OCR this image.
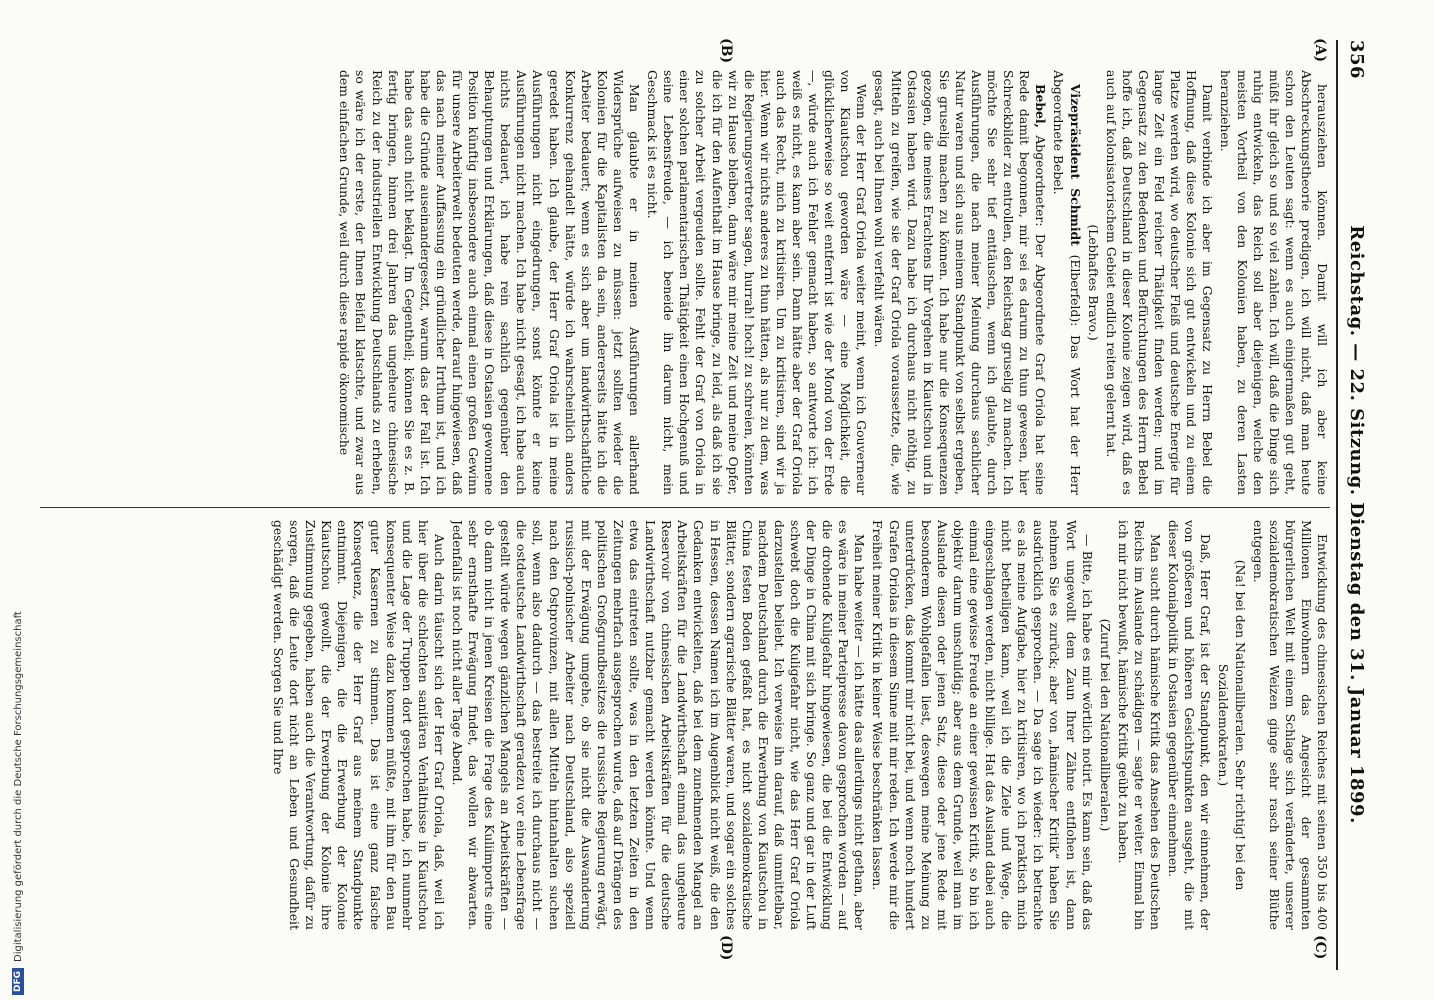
356
Reichstag. — 22. Sitzung. Dienstag den 31. Januar 1899.
(A)
(B)
(C)
(D)

herausziehen können. Damit will ich aber keine Abschreckungstheorie predigen, ich will nicht, daß man heute schon den Leuten sagt: wenn es auch einigermaßen gut geht, müßt ihr gleich so und so viel zahlen. Ich will, daß die Dinge sich ruhig entwickeln, das Reich soll aber diejenigen, welche den meisten Vortheil von den Kolonien haben, zu deren Lasten heranziehen.

Damit verbinde ich aber im Gegensatz zu Herrn Bebel die Hoffnung, daß diese Kolonie sich gut entwickeln und zu einem Platze werden wird, wo deutscher Fleiß und deutsche Energie für lange Zeit ein Feld reicher Thätigkeit finden werden; und im Gegensatz zu den Bedenken und Befürchtungen des Herrn Bebel hoffe ich, daß Deutschland in dieser Kolonie zeigen wird, daß es auch auf kolonisatorischem Gebiet endlich reiten gelernt hat.

(Lebhaftes Bravo.)

Vizepräsident Schmidt (Elberfeld): Das Wort hat der Herr Abgeordnete Bebel.

Bebel, Abgeordneter: Der Abgeordnete Graf Oriola hat seine Rede damit begonnen, mir sei es darum zu thun gewesen, hier Schreckbilder zu entrollen, den Reichstag gruselig zu machen. Ich möchte Sie sehr tief enttäuschen, wenn ich glaubte, durch Ausführungen, die nach meiner Meinung durchaus sachlicher Natur waren und sich aus meinem Standpunkt von selbst ergeben, Sie gruselig machen zu können. Ich habe nur die Konsequenzen gezogen, die meines Erachtens Ihr Vorgehen in Kiautschou und in Ostasien haben wird. Dazu habe ich durchaus nicht nöthig, zu Mitteln zu greifen, wie sie der Graf Oriola voraussetzte, die, wie gesagt, auch bei Ihnen wohl verfehlt wären.

Wenn der Herr Graf Oriola weiter meint, wenn ich Gouverneur von Kiautschou geworden wäre — eine Möglichkeit, die glücklicherweise so weit entfernt ist wie der Mond von der Erde —, würde auch ich Fehler gemacht haben, so antworte ich: ich weiß es nicht, es kann aber sein. Dann hätte aber der Graf Oriola auch das Recht, mich zu kritisiren. Um zu kritisiren, sind wir ja hier. Wenn wir nichts anderes zu thun hätten, als nur zu dem, was die Regierungsvertreter sagen, hurrah! hoch! zu schreien, könnten wir zu Hause bleiben, dann wäre mir meine Zeit und meine Opfer, die ich für den Aufenthalt im Hause bringe, zu leid, als daß ich sie zu solcher Arbeit vergeuden sollte. Fehlt der Graf von Oriola in einer solchen parlamentarischen Thätigkeit einen Hochgenuß und seine Lebensfreude, — ich beneide ihn darum nicht, mein Geschmack ist es nicht.

Man glaubte er in meinen Ausführungen allerhand Widersprüche aufweisen zu müssen: jetzt sollten wieder die Kolonien für die Kapitalisten da sein, andererseits hätte ich die Arbeiter bedauert; wenn es sich aber um landwirthschaftliche Konkurrenz gehandelt hätte, würde ich wahrscheinlich anders geredet haben. Ich glaube, der Herr Graf Oriola ist in meine Ausführungen nicht eingedrungen, sonst könnte er keine Ausführungen nicht machen. Ich habe nicht gesagt, ich habe auch nichts bedauert, ich habe rein sachlich gegenüber den Behauptungen und Erklärungen, daß diese in Ostasien gewonnene Position künftig insbesondere auch einmal einen großen Gewinn für unsere Arbeiterwelt bedeuten werde, darauf hingewiesen, daß das nach meiner Auffassung ein gründlicher Irrthum ist, und ich habe die Gründe auseinandergesetzt, warum das der Fall ist. Ich habe das auch nicht beklagt. Im Gegentheil; können Sie es z. B. fertig bringen, binnen drei Jahren das ungeheure chinesische Reich zu der industriellen Entwicklung Deutschlands zu erheben, so wäre ich der erste, der Ihnen Beifall klatschte, und zwar aus dem einfachen Grunde, weil durch diese rapide ökonomische

Entwicklung des chinesischen Reiches mit seinen 350 bis 400 Millionen Einwohnern das Angesicht der gesammten bürgerlichen Welt mit einem Schlage sich veränderte, unserer sozialdemokratischen Weizen ginge sehr rasch seiner Blüthe entgegen.

(Na! bei den Nationalliberalen. Sehr richtig! bei den Sozialdemokraten.)

Daß, Herr Graf, ist der Standpunkt, den wir einnehmen, der von größeren und höheren Gesichtspunkten ausgeht, die mit dieser Kolonialpolitik in Ostasien gegenüber einnehmen.

Man sucht durch hämische Kritik das Ansehen des Deutschen Reichs im Auslande zu schädigen — sagte er weiter. Einmal bin ich mir nicht bewußt, hämische Kritik geübt zu haben.

(Zuruf bei den Nationalliberalen.)

— Bitte, ich habe es mir wörtlich notirt. Es kann sein, daß das Wort ungewollt dem Zaun Ihrer Zähne entflohen ist, dann nehmen Sie es zurück; aber von „hämischer Kritik“ haben Sie ausdrücklich gesprochen. — Da sage ich wieder: ich betrachte es als meine Aufgabe, hier zu kritisiren, wo ich praktisch mich nicht betheiligen kann, weil ich die Ziele und Wege, die eingeschlagen werden, nicht billige. Hat das Ausland dabei auch einmal eine gewisse Freude an einer gewissen Kritik, so bin ich objektiv darum unschuldig; aber aus dem Grunde, weil man im Auslande diesen oder jenen Satz, diese oder jene Rede mit besonderem Wohlgefallen liest, deswegen meine Meinung zu unterdrücken, das kommt mir nicht bei, und wenn noch hundert Grafen Oriolas in diesem Sinne mit mir reden. Ich werde mir die Freiheit meiner Kritik in keiner Weise beschränken lassen.

Man habe weiter — ich hätte das allerdings nicht gethan, aber es wäre in meiner Parteipresse davon gesprochen worden — auf die drohende Kuligefahr hingewiesen, die bei die Entwicklung der Dinge in China mit sich bringe. So ganz und gar in der Luft schwebt doch die Kuligefahr nicht, wie das Herr Graf Oriola darzustellen beliebt. Ich verweise ihn darauf, daß unmittelbar, nachdem Deutschland durch die Erwerbung von Kiautschou in China festen Boden gefaßt hat, es nicht sozialdemokratische Blätter, sondern agrarische Blätter waren, und sogar ein solches in Hessen, dessen Namen ich im Augenblick nicht weiß, die den Gedanken entwickelten, daß bei dem zunehmenden Mangel an Arbeitskräften für die Landwirthschaft einmal das ungeheure Reservoir von chinesischen Arbeitskräften für die deutsche Landwirthschaft nutzbar gemacht werden könnte. Und wenn etwa das eintreten sollte, was in den letzten Zeiten in den Zeitungen mehrfach ausgesprochen wurde, daß auf Drängen des politischen Großgrundbesitzes die russische Regierung erwägt, mit der Erwägung umgehe, ob sie nicht die Auswanderung russisch-polnischer Arbeiter nach Deutschland, also speziell nach den Ostprovinzen, mit allen Mitteln hintanhalten suchen soll, wenn also dadurch — das bestreite ich durchaus nicht — die ostdeutsche Landwirthschaft geradezu vor eine Lebensfrage gestellt würde wegen gänzlichen Mangels an Arbeitskräften — ob dann nicht in jenen Kreisen die Frage des Kuliimports eine sehr ernsthafte Erwägung findet, das wollen wir abwarten. Jedenfalls ist noch nicht aller Tage Abend.

Auch darin täuscht sich der Herr Graf Oriola, daß, weil ich hier über die schlechten sanitären Verhältnisse in Kiautschou und die Lage der Truppen dort gesprochen habe, ich nunmehr konsequenter Weise dazu kommen müßte, mit ihm für den Bau guter Kasernen zu stimmen. Das ist eine ganz falsche Konsequenz, die der Herr Graf aus meinem Standpunkte entnimmt. Diejenigen, die die Erwerbung der Kolonie Kiautschou gewollt, die der Erwerbung der Kolonie ihre Zustimmung gegeben, haben auch die Verantwortung, dafür zu sorgen, daß die Leute dort nicht an Leben und Gesundheit geschädigt werden. Sorgen Sie und Ihre

DFG
Digitalisierung gefördert durch die Deutsche Forschungsgemeinschaft
